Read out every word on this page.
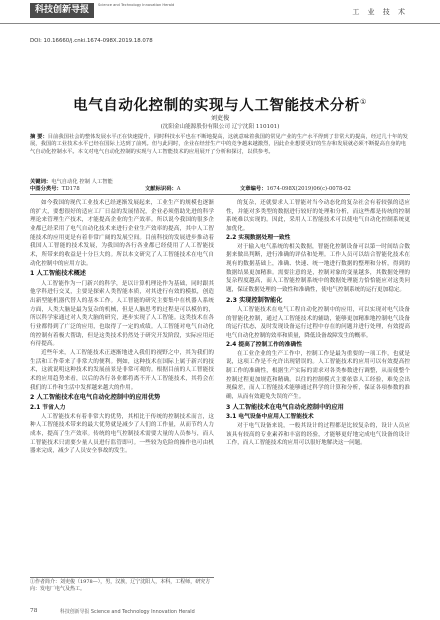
科技创新导报	Science and Technology Innovation Herald
工 业 技 术
DOI: 10.16660/j.cnki.1674-098X.2019.18.078
电气自动化控制的实现与人工智能技术分析①
刘吏俊
(沈阳金山能源股份有限公司 辽宁沈阳 110101)
摘 要：目前我国社会的整体发展水平正在快速提升，同时科技水平也在不断地提高，这就意味着我国的常见产业的生产水平得到了非常大的提高，经过几十年的发展，我国的工业技术水平已经在国际上达到了前列。但与此同时，企业在经营生产中的竞争越来越激烈，因此企业想要更好的生存和发展就必须不断提高自身的电气自动化控制水平。本文对电气自动化控制的实现与人工智能技术的应用展开了分析和探讨，以供参考。
关键词：电气自动化 控制 人工智能
中图分类号：TD178	文献标识码：A	文章编号：1674-098X(2019)06(c)-0078-02

如今我国的现代工业技术已经逐渐发展起来，工业生产的规模也逐渐的扩大，要想很好的适应工厂日益的发展情况，企业必须借助先进的科学理论来管理生产技术，才能提高企业的生产效率。所以说今我国的很多企业都已经采用了电气自动化技术来进行企业生产效率的提高，其中人工智能技术的应用更是有着非常广阔的发展空间。目前科技的发展进步推动着我国人工智能的技术发展，为我国的各行各业都已经使用了人工智能技术，所带来的收益是十分巨大的。所以本文研究了人工智能技术在电气自动化控制中的应用方法。

1 人工智能技术概述

人工智能作为一门新兴的科学，是以计算机理论作为基础，同时跟其他学科进行交叉，主要是探索人类智能本质，对其进行有效的模拟，创造出新型能机器代替人的基本工作。人工智能的研究主要集中在机器人系统方面，人类大脑是最为复杂的机械，但是人脑思考的过程是可以模仿的，所以科学家通过对人类大脑的研究，逐步实现了人工智能。这类技术在各行业都得到了广泛的应用，也取得了一定的成绩。人工智能对电气自动化的控制有着极大帮助，但是这类技术仍然处于研究开发阶段，实际应用还有待提高。

近些年来，人工智能技术正逐渐地进入我们的视野之中，其为我们的生活和工作带来了非常大的便利。例如，这种技术在国际上属于新兴的技术，这就说明这种技术的发展前景是非常可观的。根据目前的人工智能技术的应用趋势来看，以后的各行各业都将离不开人工智能技术，其将会在我们的工作和生活中发挥越来越大的作用。

2 人工智能技术在电气自动化控制中的应用优势
2.1 节省人力

人工智能技术有着非常大的优势，其相比于传统的控制技术而言，这种人工智能技术带来的最大优势就是减少了人们的工作量，从而节约人力成本，提高了生产效率。传统的电气控制技术需要大量的人员参与，而人工智能技术只需要少量人员进行监管即可。一些较为危险的操作也可由机器来完成，减少了人员安全事故的发生。

的复杂，还就要求人工智能对当今动态化的复杂社会有着较强的适应性，并能对多类型的数据进行较好的处理和分析，而这些都是传统的控制系统难以实现的。因此，采用人工智能技术可以使电气自动化控制系统更加优化。

2.2 实现数据处理一致性

对于输入电气系统的相关数据，智能化控制设备可以第一时间结合数据来做出判断，进行准确的评估和处理。工作人员可以结合智能化技术在现有的数据基础上，准确、快速、统一地进行数据的整理和分析，得到的数据结果更加精准。需要注意的是，控制对象的变量越多，其数据处理的复杂程度越高，而人工智能控制系统中的数据处理能力恰恰能应对这类问题，保证数据处理的一致性和准确性，使电气控制系统的运行更加稳定。

2.3 实现控制智能化

人工智能技术在电气工程自动化控制中的应用，可以实现对电气设备的智能化控制，通过人工智能技术的辅助，能够更加精准地控制电气设备的运行状态，及时发现设备运行过程中存在的问题并进行处理，有效提高电气自动化控制的效率和质量，降低设备故障发生的概率。

2.4 提高了控制工作的准确性

在工业企业的生产工作中，控制工作是最为重要的一项工作，也就是说，这项工作是不允许出现错误的。人工智能技术的应用可以有效提高控制工作的准确性，根据生产实际的需求对各类参数进行调整，从而使整个控制过程更加规范和精确。以往的控制模式主要依靠人工经验，难免会出现偏差，而人工智能技术能够通过科学的计算和分析，保证各项参数的准确，从而有效避免失误的产生。

3 人工智能技术在电气自动化控制中的应用
3.1 电气设备中应用人工智能技术

对于电气设备来说，一般其设计的过程都是比较复杂的，设计人员应该具有较高的专业素养和丰富的经验，才能够更好地完成电气设备的设计工作，而人工智能技术的应用可以很好地解决这一问题。

①作者简介：刘吏俊（1978—），男，汉族，辽宁沈阳人，本科，工程师，研究方向：发电厂电气及热工。
78	科技创新导报 Science and Technology Innovation Herald
